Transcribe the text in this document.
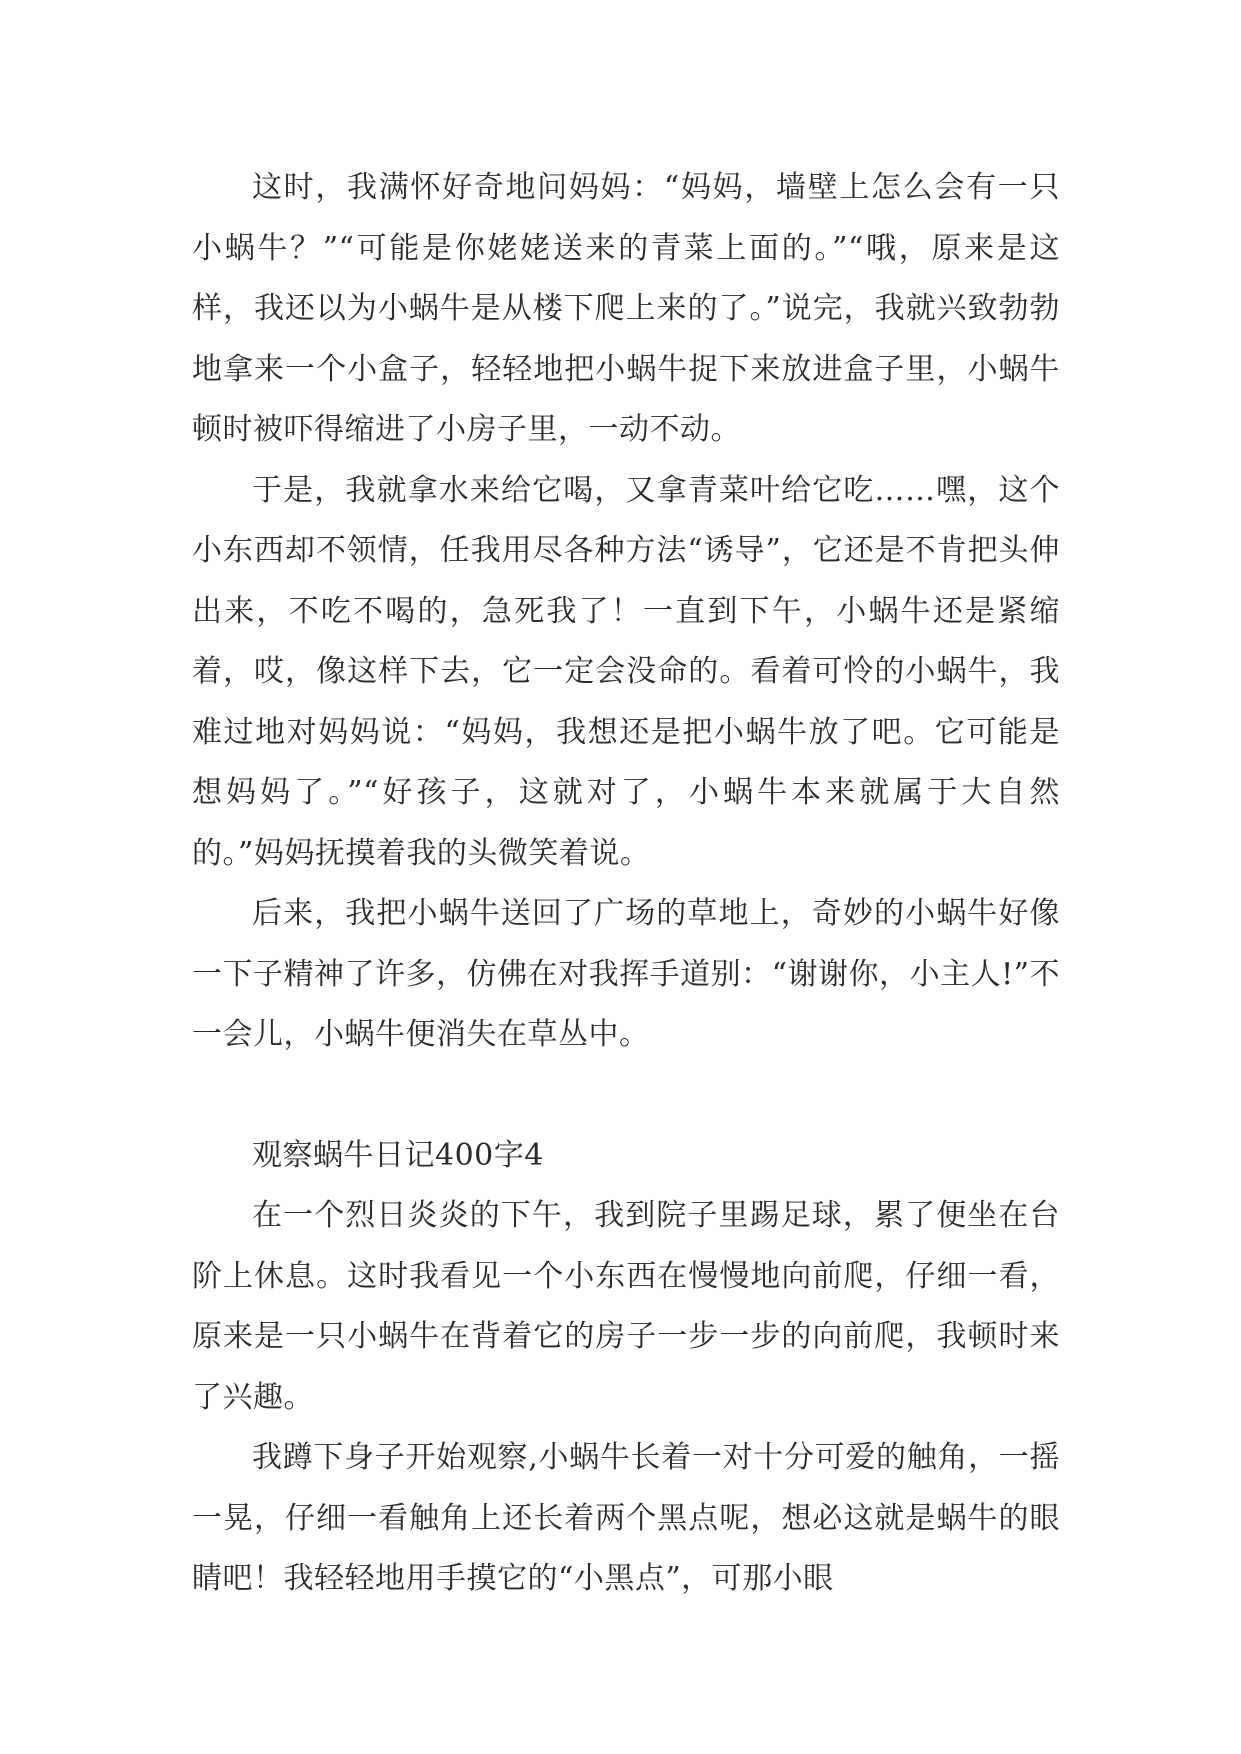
这时，我满怀好奇地问妈妈：“妈妈，墙壁上怎么会有一只小蜗牛？”“可能是你姥姥送来的青菜上面的。”“哦，原来是这样，我还以为小蜗牛是从楼下爬上来的了。”说完，我就兴致勃勃地拿来一个小盒子，轻轻地把小蜗牛捉下来放进盒子里，小蜗牛顿时被吓得缩进了小房子里，一动不动。

于是，我就拿水来给它喝，又拿青菜叶给它吃……嘿，这个小东西却不领情，任我用尽各种方法“诱导”，它还是不肯把头伸出来，不吃不喝的，急死我了！一直到下午，小蜗牛还是紧缩着，哎，像这样下去，它一定会没命的。看着可怜的小蜗牛，我难过地对妈妈说：“妈妈，我想还是把小蜗牛放了吧。它可能是想妈妈了。”“好孩子，这就对了，小蜗牛本来就属于大自然的。”妈妈抚摸着我的头微笑着说。

后来，我把小蜗牛送回了广场的草地上，奇妙的小蜗牛好像一下子精神了许多，仿佛在对我挥手道别：“谢谢你，小主人!”不一会儿，小蜗牛便消失在草丛中。

观察蜗牛日记400字4

在一个烈日炎炎的下午，我到院子里踢足球，累了便坐在台阶上休息。这时我看见一个小东西在慢慢地向前爬，仔细一看，原来是一只小蜗牛在背着它的房子一步一步的向前爬，我顿时来了兴趣。

我蹲下身子开始观察,小蜗牛长着一对十分可爱的触角，一摇一晃，仔细一看触角上还长着两个黑点呢，想必这就是蜗牛的眼睛吧！我轻轻地用手摸它的“小黑点”，可那小眼
